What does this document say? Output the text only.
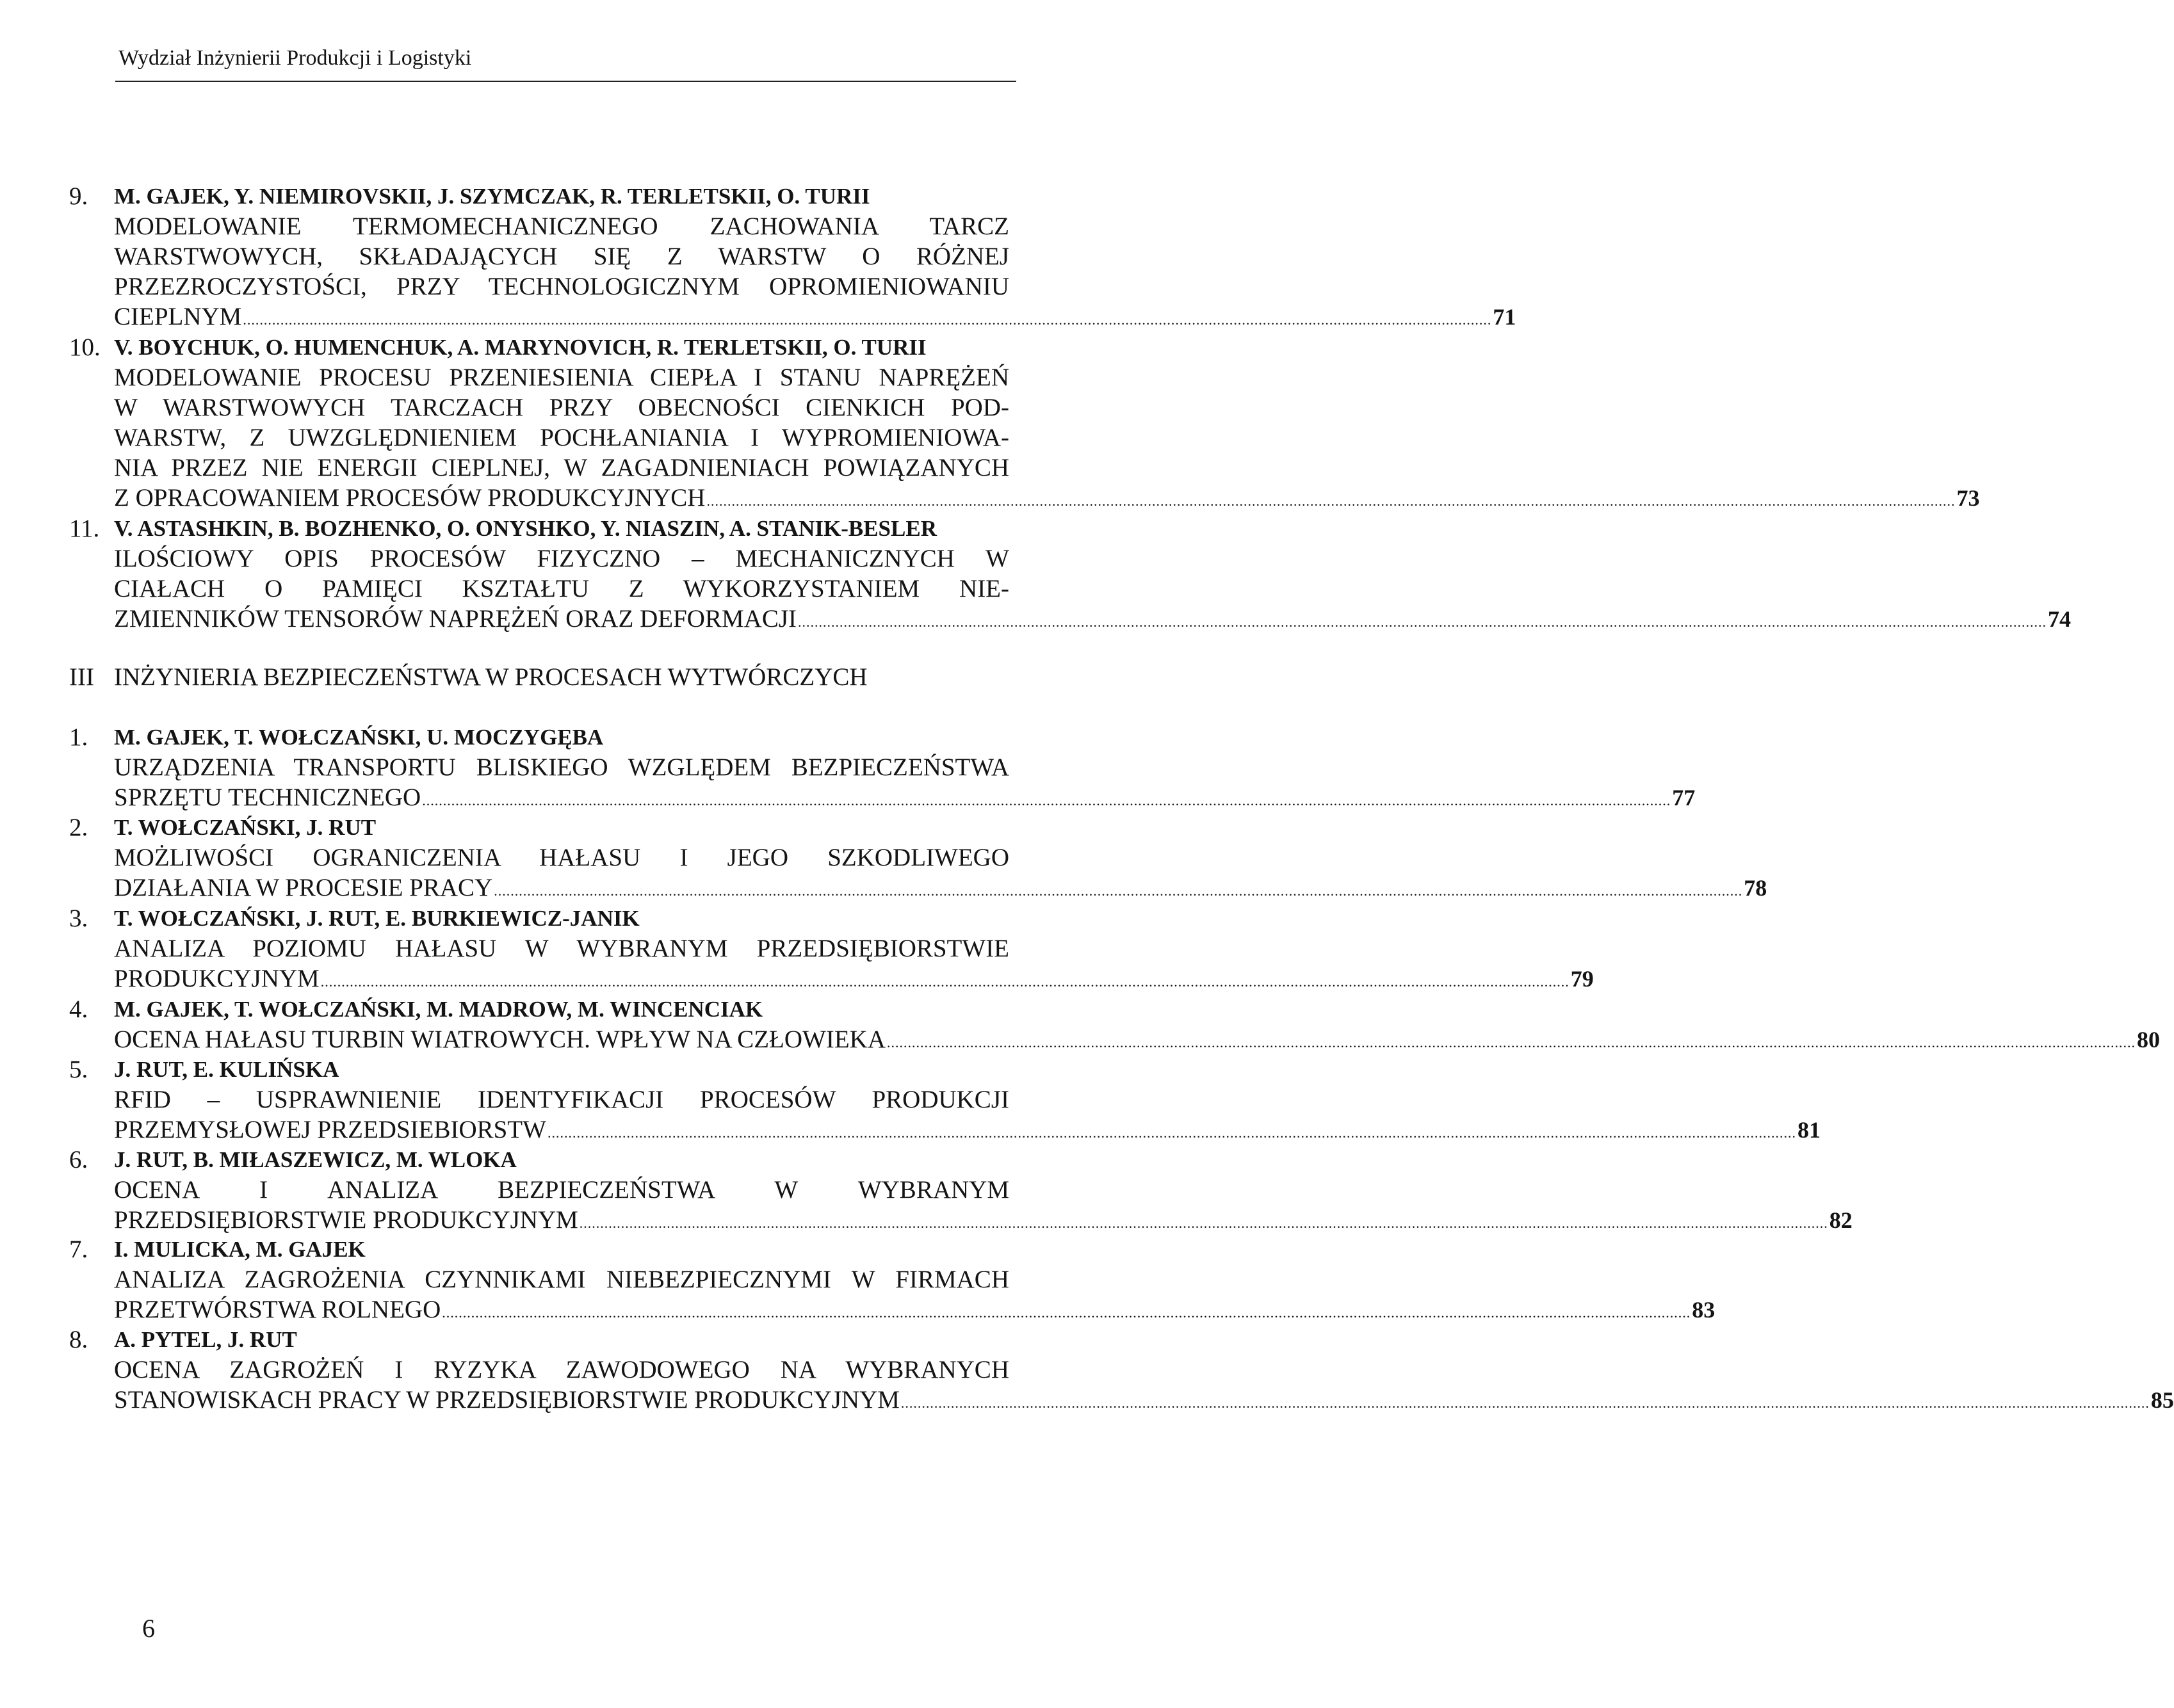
Wydział Inżynierii Produkcji i Logistyki
9. M. GAJEK, Y. NIEMIROVSKII, J. SZYMCZAK, R. TERLETSKII, O. TURII
MODELOWANIE TERMOMECHANICZNEGO ZACHOWANIA TARCZ
WARSTWOWYCH, SKŁADAJĄCYCH SIĘ Z WARSTW O RÓŻNEJ
PRZEZROCZYSTOŚCI, PRZY TECHNOLOGICZNYM OPROMIENIOWANIU
CIEPLNYM ............................................................................................................................................................................................................................................................................................................ 71
10. V. BOYCHUK, O. HUMENCHUK, A. MARYNOVICH, R. TERLETSKII, O. TURII
MODELOWANIE PROCESU PRZENIESIENIA CIEPŁA I STANU NAPRĘŻEŃ
W WARSTWOWYCH TARCZACH PRZY OBECNOŚCI CIENKICH POD-
WARSTW, Z UWZGLĘDNIENIEM POCHŁANIANIA I WYPROMIENIOWA-
NIA PRZEZ NIE ENERGII CIEPLNEJ, W ZAGADNIENIACH POWIĄZANYCH
Z OPRACOWANIEM PROCESÓW PRODUKCYJNYCH ............................................................................................................................................................................................................................................................................................................ 73
11. V. ASTASHKIN, B. BOZHENKO, O. ONYSHKO, Y. NIASZIN, A. STANIK-BESLER
ILOŚCIOWY OPIS PROCESÓW FIZYCZNO – MECHANICZNYCH W
CIAŁACH O PAMIĘCI KSZTAŁTU Z WYKORZYSTANIEM NIE-
ZMIENNIKÓW TENSORÓW NAPRĘŻEŃ ORAZ DEFORMACJI ............................................................................................................................................................................................................................................................................................................ 74
III INŻYNIERIA BEZPIECZEŃSTWA W PROCESACH WYTWÓRCZYCH
1. M. GAJEK, T. WOŁCZAŃSKI, U. MOCZYGĘBA
URZĄDZENIA TRANSPORTU BLISKIEGO WZGLĘDEM BEZPIECZEŃSTWA
SPRZĘTU TECHNICZNEGO ............................................................................................................................................................................................................................................................................................................ 77
2. T. WOŁCZAŃSKI, J. RUT
MOŻLIWOŚCI OGRANICZENIA HAŁASU I JEGO SZKODLIWEGO
DZIAŁANIA W PROCESIE PRACY ............................................................................................................................................................................................................................................................................................................ 78
3. T. WOŁCZAŃSKI, J. RUT, E. BURKIEWICZ-JANIK
ANALIZA POZIOMU HAŁASU W WYBRANYM PRZEDSIĘBIORSTWIE
PRODUKCYJNYM ............................................................................................................................................................................................................................................................................................................ 79
4. M. GAJEK, T. WOŁCZAŃSKI, M. MADROW, M. WINCENCIAK
OCENA HAŁASU TURBIN WIATROWYCH. WPŁYW NA CZŁOWIEKA ............................................................................................................................................................................................................................................................................................................ 80
5. J. RUT, E. KULIŃSKA
RFID – USPRAWNIENIE IDENTYFIKACJI PROCESÓW PRODUKCJI
PRZEMYSŁOWEJ PRZEDSIEBIORSTW ............................................................................................................................................................................................................................................................................................................ 81
6. J. RUT, B. MIŁASZEWICZ, M. WLOKA
OCENA I ANALIZA BEZPIECZEŃSTWA W WYBRANYM
PRZEDSIĘBIORSTWIE PRODUKCYJNYM ............................................................................................................................................................................................................................................................................................................ 82
7. I. MULICKA, M. GAJEK
ANALIZA ZAGROŻENIA CZYNNIKAMI NIEBEZPIECZNYMI W FIRMACH
PRZETWÓRSTWA ROLNEGO ............................................................................................................................................................................................................................................................................................................ 83
8. A. PYTEL, J. RUT
OCENA ZAGROŻEŃ I RYZYKA ZAWODOWEGO NA WYBRANYCH
STANOWISKACH PRACY W PRZEDSIĘBIORSTWIE PRODUKCYJNYM ............................................................................................................................................................................................................................................................................................................ 85
6
